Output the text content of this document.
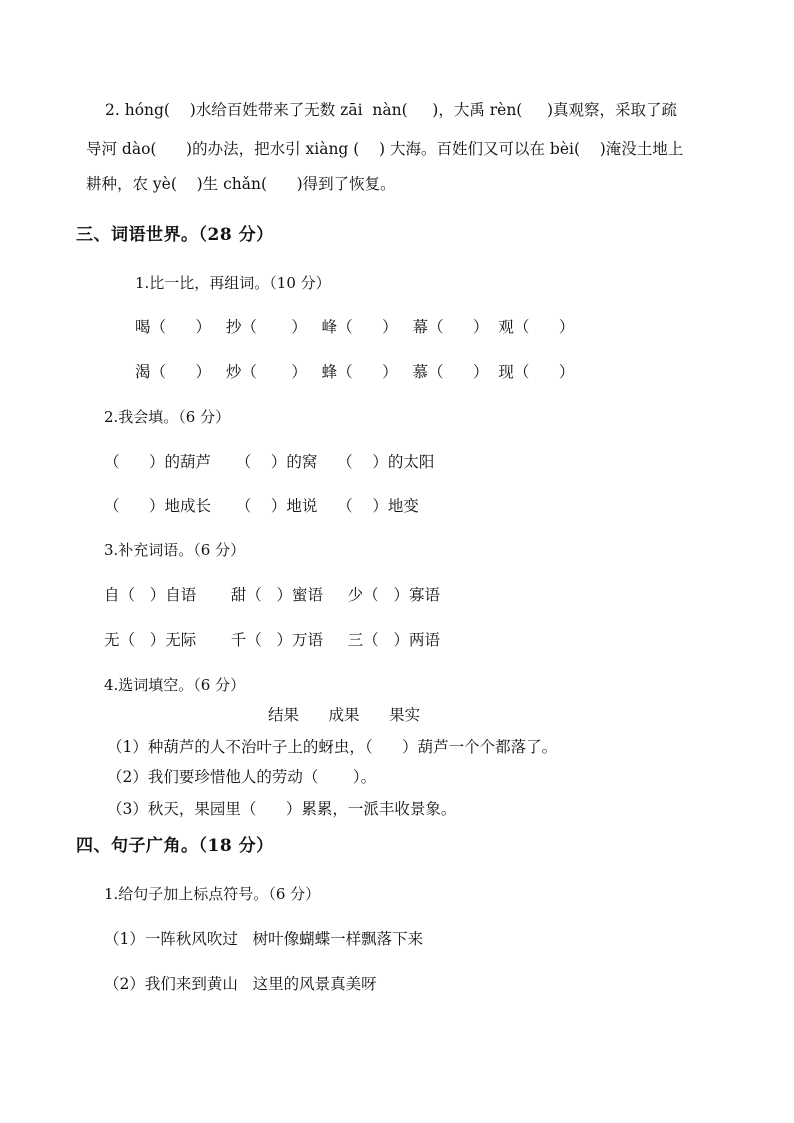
2. hóng(    )水给百姓带来了无数 zāi  nàn(     )，大禹 rèn(     )真观察，采取了疏
导河 dào(      )的办法，把水引 xiàng (    ) 大海。百姓们又可以在 bèi(    )淹没土地上
耕种，农 yè(    )生 chǎn(      )得到了恢复。
三、词语世界。（28 分）
1.比一比，再组词。（10 分）
喝（      ）   抄（       ）   峰（      ）   幕（      ）  观（      ）
渴（      ）   炒（       ）   蜂（      ）   慕（      ）  现（      ）
2.我会填。（6 分）
（      ）的葫芦     （    ）的窝    （    ）的太阳
（      ）地成长     （    ）地说    （    ）地变
3.补充词语。（6 分）
自（   ）自语       甜（   ）蜜语     少（   ）寡语
无（   ）无际       千（   ）万语     三（   ）两语
4.选词填空。（6 分）
结果      成果      果实
（1）种葫芦的人不治叶子上的蚜虫，（      ）葫芦一个个都落了。
（2）我们要珍惜他人的劳动（       ）。
（3）秋天，果园里（      ）累累，一派丰收景象。
四、句子广角。（18 分）
1.给句子加上标点符号。（6 分）
（1）一阵秋风吹过   树叶像蝴蝶一样飘落下来
（2）我们来到黄山   这里的风景真美呀
